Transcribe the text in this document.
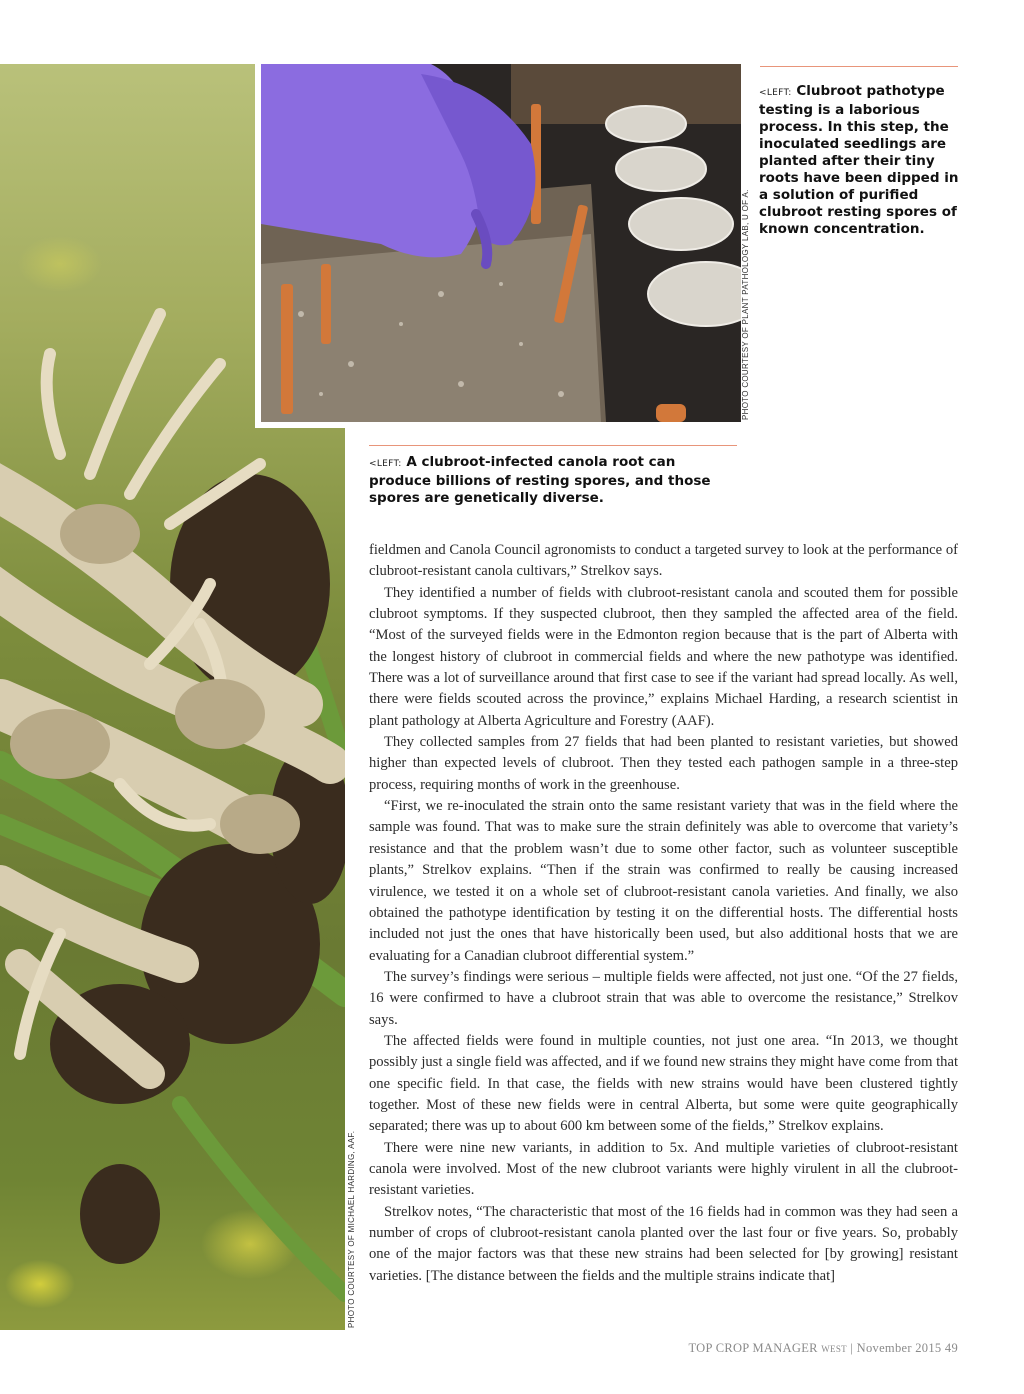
PHOTO COURTESY OF PLANT PATHOLOGY LAB, U OF A.
<LEFT: Clubroot pathotype testing is a laborious process. In this step, the inoculated seedlings are planted after their tiny roots have been dipped in a solution of purified clubroot resting spores of known concentration.
<LEFT: A clubroot-infected canola root can produce billions of resting spores, and those spores are genetically diverse.
PHOTO COURTESY OF MICHAEL HARDING, AAF.

fieldmen and Canola Council agronomists to conduct a targeted survey to look at the performance of clubroot-resistant canola cultivars,” Strelkov says.

They identified a number of fields with clubroot-resistant canola and scouted them for possible clubroot symptoms. If they suspected clubroot, then they sampled the affected area of the field. “Most of the surveyed fields were in the Edmonton region because that is the part of Alberta with the longest history of clubroot in commercial fields and where the new pathotype was identified. There was a lot of surveillance around that first case to see if the variant had spread locally. As well, there were fields scouted across the province,” explains Michael Harding, a research scientist in plant pathology at Alberta Agriculture and Forestry (AAF).

They collected samples from 27 fields that had been planted to resistant varieties, but showed higher than expected levels of clubroot. Then they tested each pathogen sample in a three-step process, requiring months of work in the greenhouse.

“First, we re-inoculated the strain onto the same resistant variety that was in the field where the sample was found. That was to make sure the strain definitely was able to overcome that variety’s resistance and that the problem wasn’t due to some other factor, such as volunteer susceptible plants,” Strelkov explains. “Then if the strain was confirmed to really be causing increased virulence, we tested it on a whole set of clubroot-resistant canola varieties. And finally, we also obtained the pathotype identification by testing it on the differential hosts. The differential hosts included not just the ones that have historically been used, but also additional hosts that we are evaluating for a Canadian clubroot differential system.”

The survey’s findings were serious – multiple fields were affected, not just one. “Of the 27 fields, 16 were confirmed to have a clubroot strain that was able to overcome the resistance,” Strelkov says.

The affected fields were found in multiple counties, not just one area. “In 2013, we thought possibly just a single field was affected, and if we found new strains they might have come from that one specific field. In that case, the fields with new strains would have been clustered tightly together. Most of these new fields were in central Alberta, but some were quite geographically separated; there was up to about 600 km between some of the fields,” Strelkov explains.

There were nine new variants, in addition to 5x. And multiple varieties of clubroot-resistant canola were involved. Most of the new clubroot variants were highly virulent in all the clubroot-resistant varieties.

Strelkov notes, “The characteristic that most of the 16 fields had in common was they had seen a number of crops of clubroot-resistant canola planted over the last four or five years. So, probably one of the major factors was that these new strains had been selected for [by growing] resistant varieties. [The distance between the fields and the multiple strains indicate that]

TOP CROP MANAGER WEST | November 2015 49
